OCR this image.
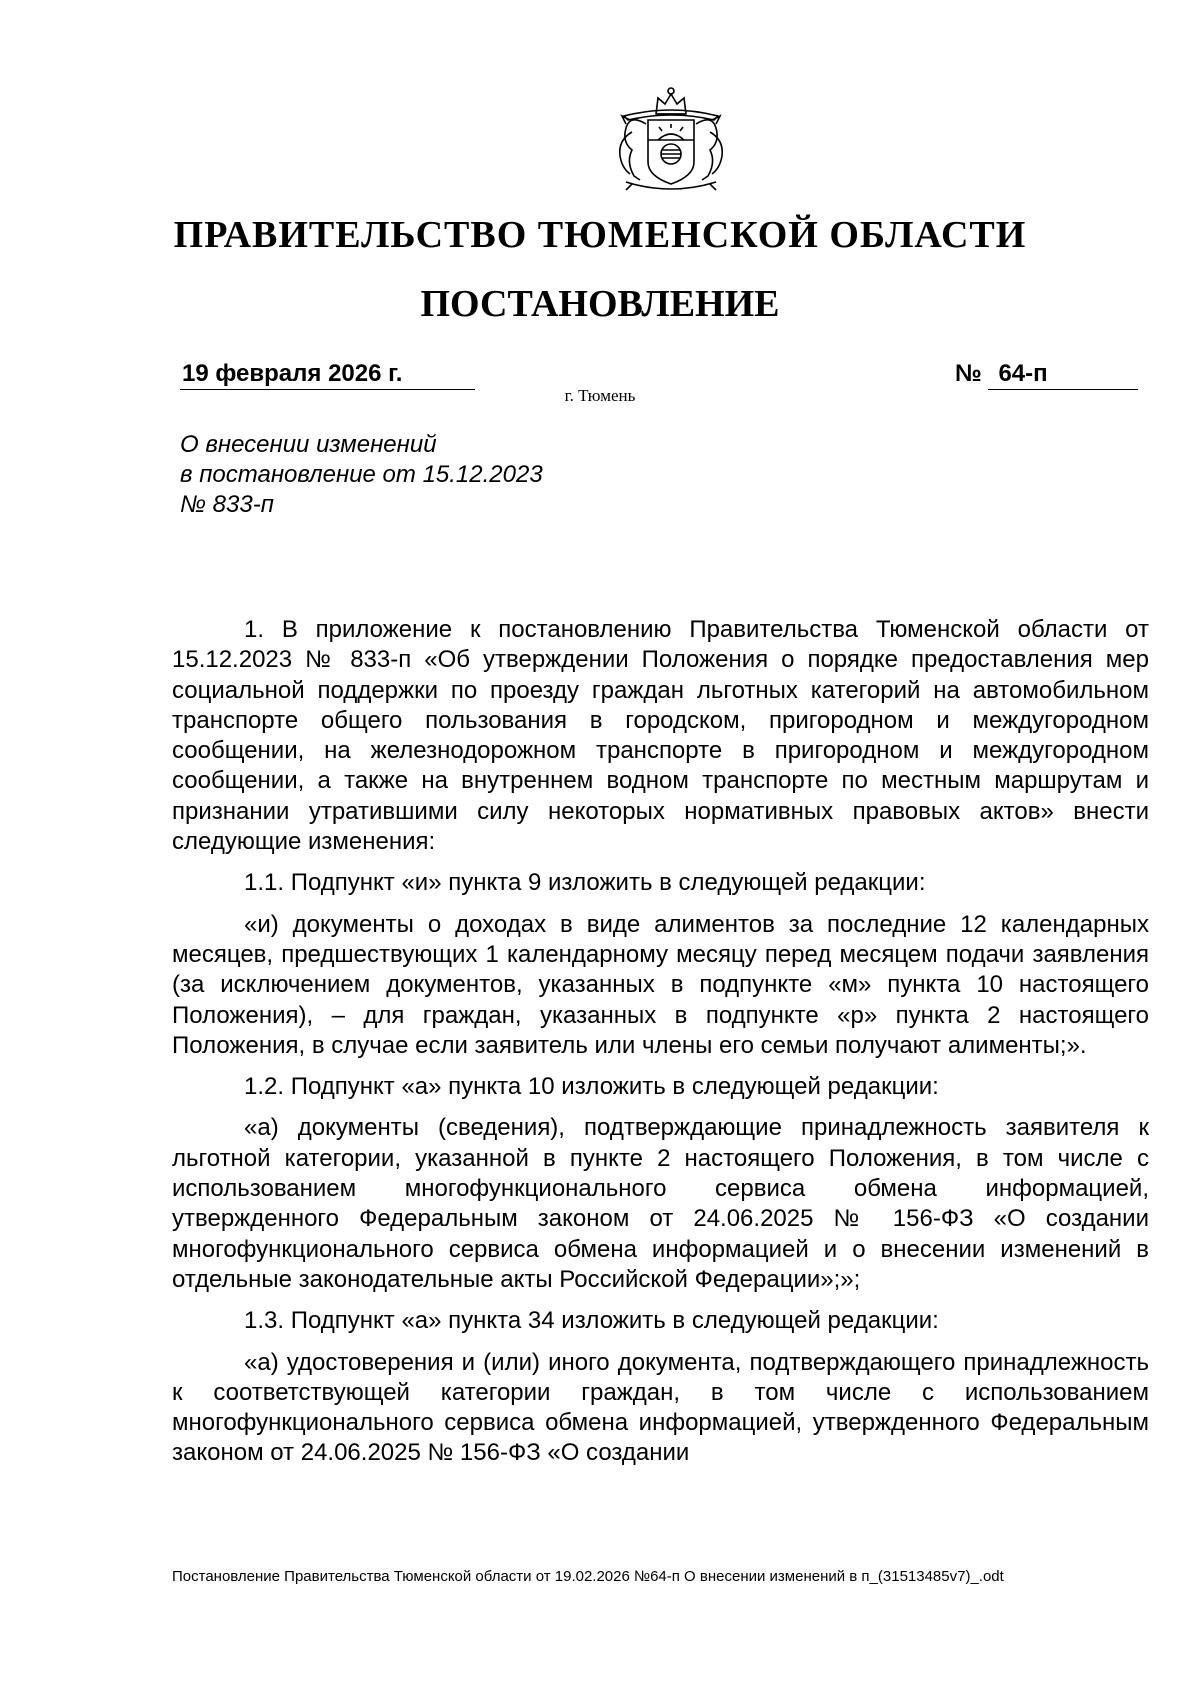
ПРАВИТЕЛЬСТВО ТЮМЕНСКОЙ ОБЛАСТИ
ПОСТАНОВЛЕНИЕ
19 февраля 2026 г.	№ 64-п
г. Тюмень
О внесении изменений
в постановление от 15.12.2023
№ 833-п

1. В приложение к постановлению Правительства Тюменской области от 15.12.2023 № 833-п «Об утверждении Положения о порядке предоставления мер социальной поддержки по проезду граждан льготных категорий на автомобильном транспорте общего пользования в городском, пригородном и междугородном сообщении, на железнодорожном транспорте в пригородном и междугородном сообщении, а также на внутреннем водном транспорте по местным маршрутам и признании утратившими силу некоторых нормативных правовых актов» внести следующие изменения:

1.1. Подпункт «и» пункта 9 изложить в следующей редакции:

«и) документы о доходах в виде алиментов за последние 12 календарных месяцев, предшествующих 1 календарному месяцу перед месяцем подачи заявления (за исключением документов, указанных в подпункте «м» пункта 10 настоящего Положения), – для граждан, указанных в подпункте «р» пункта 2 настоящего Положения, в случае если заявитель или члены его семьи получают алименты;».

1.2. Подпункт «а» пункта 10 изложить в следующей редакции:

«а) документы (сведения), подтверждающие принадлежность заявителя к льготной категории, указанной в пункте 2 настоящего Положения, в том числе с использованием многофункционального сервиса обмена информацией, утвержденного Федеральным законом от 24.06.2025 № 156-ФЗ «О создании многофункционального сервиса обмена информацией и о внесении изменений в отдельные законодательные акты Российской Федерации»;»;

1.3. Подпункт «а» пункта 34 изложить в следующей редакции:

«а) удостоверения и (или) иного документа, подтверждающего принадлежность к соответствующей категории граждан, в том числе с использованием многофункционального сервиса обмена информацией, утвержденного Федеральным законом от 24.06.2025 № 156-ФЗ «О создании

Постановление Правительства Тюменской области от 19.02.2026 №64-п О внесении изменений в п_(31513485v7)_.odt
